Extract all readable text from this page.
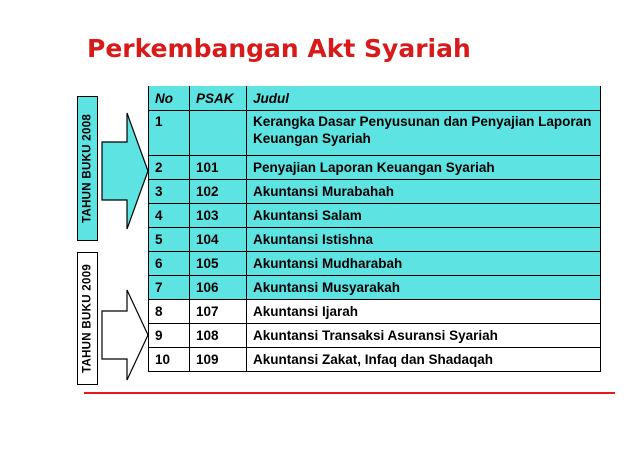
Perkembangan Akt Syariah
TAHUN BUKU 2008
TAHUN BUKU 2009
No	PSAK	Judul
1		Kerangka Dasar Penyusunan dan Penyajian Laporan Keuangan Syariah
2	101	Penyajian Laporan Keuangan Syariah
3	102	Akuntansi Murabahah
4	103	Akuntansi Salam
5	104	Akuntansi Istishna
6	105	Akuntansi Mudharabah
7	106	Akuntansi Musyarakah
8	107	Akuntansi Ijarah
9	108	Akuntansi Transaksi Asuransi Syariah
10	109	Akuntansi Zakat, Infaq dan Shadaqah
